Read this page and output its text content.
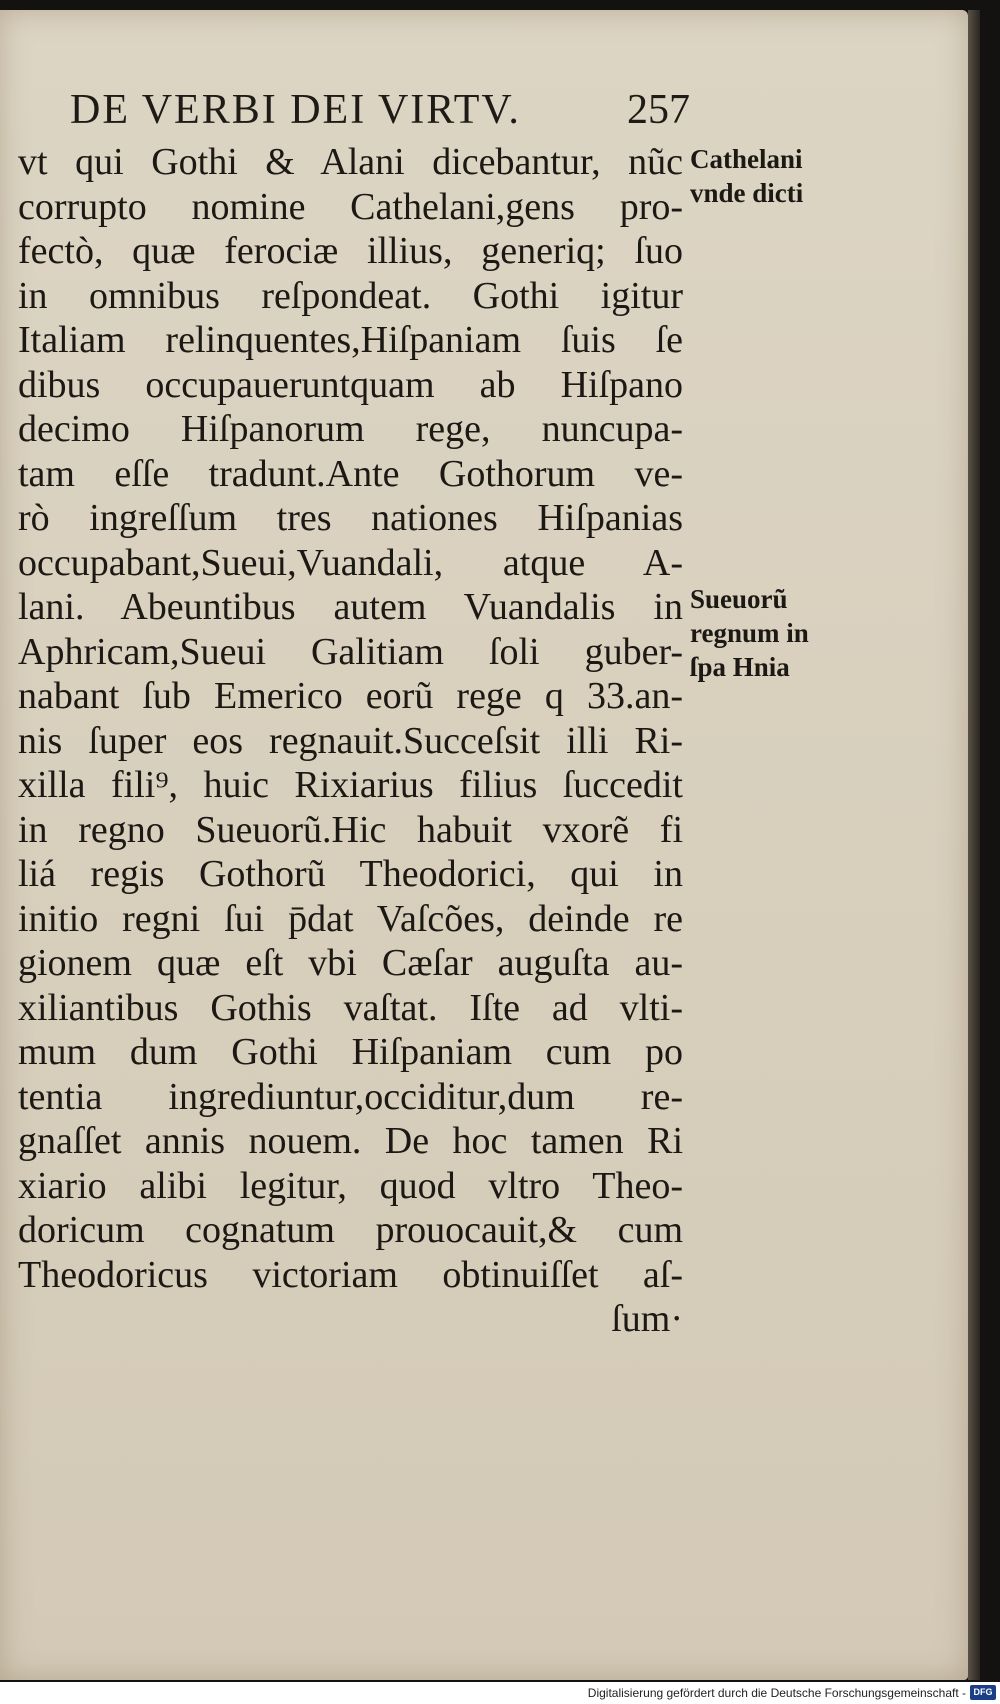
DE VERBI DEI VIRTV.	257
vt qui Gothi & Alani dicebantur, nũc
corrupto nomine Cathelani,gens pro-
fectò, quæ ferociæ illius, generiq; ſuo
in omnibus reſpondeat. Gothi igitur
Italiam relinquentes,Hiſpaniam ſuis ſe
dibus occupaueruntquam ab Hiſpano
decimo Hiſpanorum rege, nuncupa-
tam eſſe tradunt.Ante Gothorum ve-
rò ingreſſum tres nationes Hiſpanias
occupabant,Sueui,Vuandali, atque A-
lani. Abeuntibus autem Vuandalis in
Aphricam,Sueui Galitiam ſoli guber-
nabant ſub Emerico eorũ rege q 33.an-
nis ſuper eos regnauit.Succeſsit illi Ri-
xilla fili⁹, huic Rixiarius filius ſuccedit
in regno Sueuorũ.Hic habuit vxorẽ fi
liá regis Gothorũ Theodorici, qui in
initio regni ſui p̄dat Vaſcões, deinde re
gionem quæ eſt vbi Cæſar auguſta au-
xiliantibus Gothis vaſtat. Iſte ad vlti-
mum dum Gothi Hiſpaniam cum po
tentia ingrediuntur,occiditur,dum re-
gnaſſet annis nouem. De hoc tamen Ri
xiario alibi legitur, quod vltro Theo-
doricum cognatum prouocauit,& cum
Theodoricus victoriam obtinuiſſet aſ-
ſum·
Cathelani
vnde dicti
Sueuorũ
regnum in
ſpa Hnia
Digitalisierung gefördert durch die Deutsche Forschungsgemeinschaft - DFG
